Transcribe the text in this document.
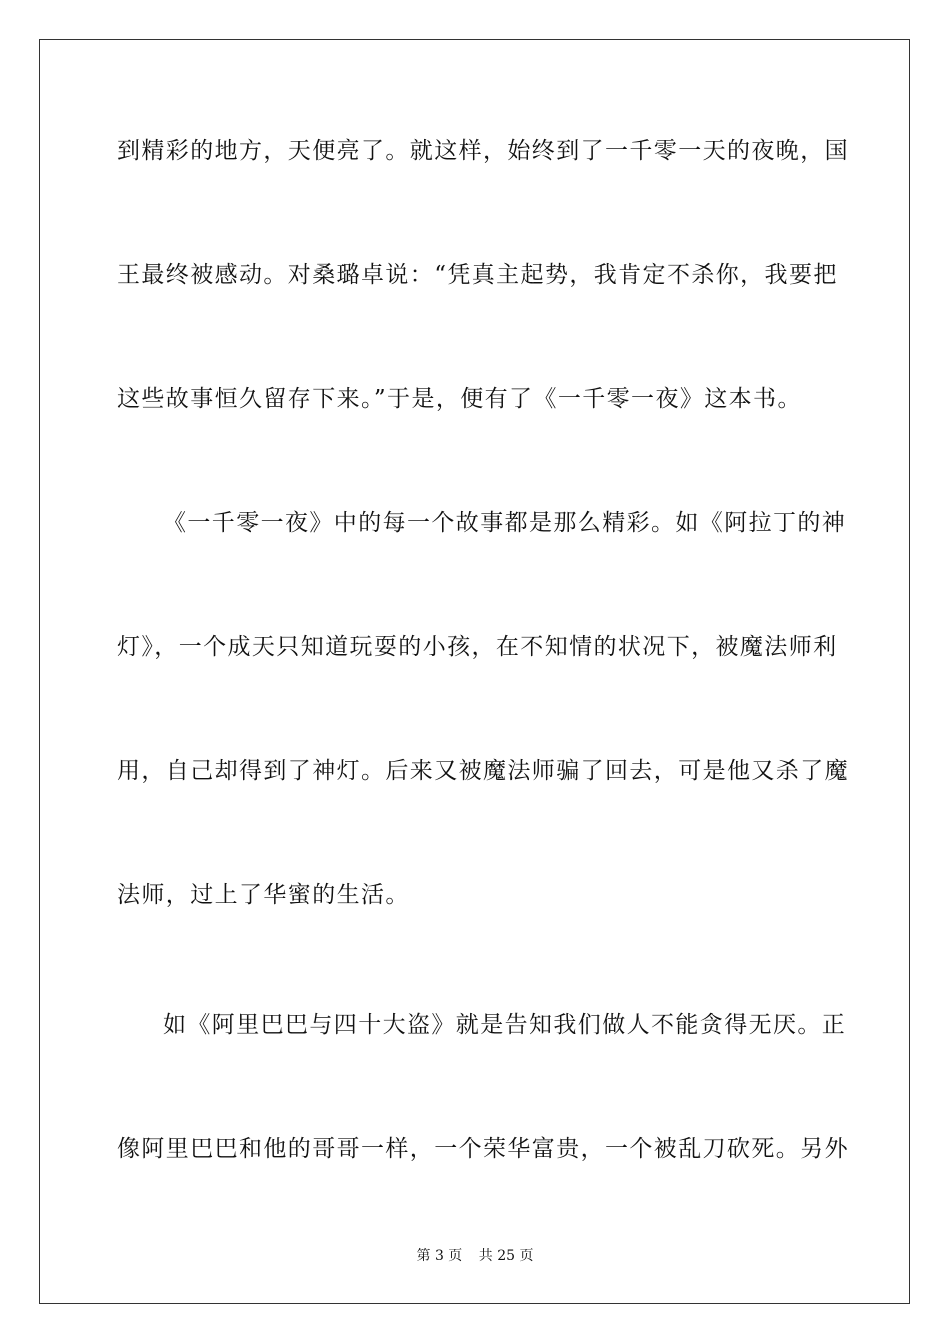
到精彩的地方，天便亮了。就这样，始终到了一千零一天的夜晚，国
王最终被感动。对桑璐卓说：“凭真主起势，我肯定不杀你，我要把
这些故事恒久留存下来。”于是，便有了《一千零一夜》这本书。
《一千零一夜》中的每一个故事都是那么精彩。如《阿拉丁的神
灯》，一个成天只知道玩耍的小孩，在不知情的状况下，被魔法师利
用，自己却得到了神灯。后来又被魔法师骗了回去，可是他又杀了魔
法师，过上了华蜜的生活。
如《阿里巴巴与四十大盗》就是告知我们做人不能贪得无厌。正
像阿里巴巴和他的哥哥一样，一个荣华富贵，一个被乱刀砍死。另外
第 3 页 共 25 页
